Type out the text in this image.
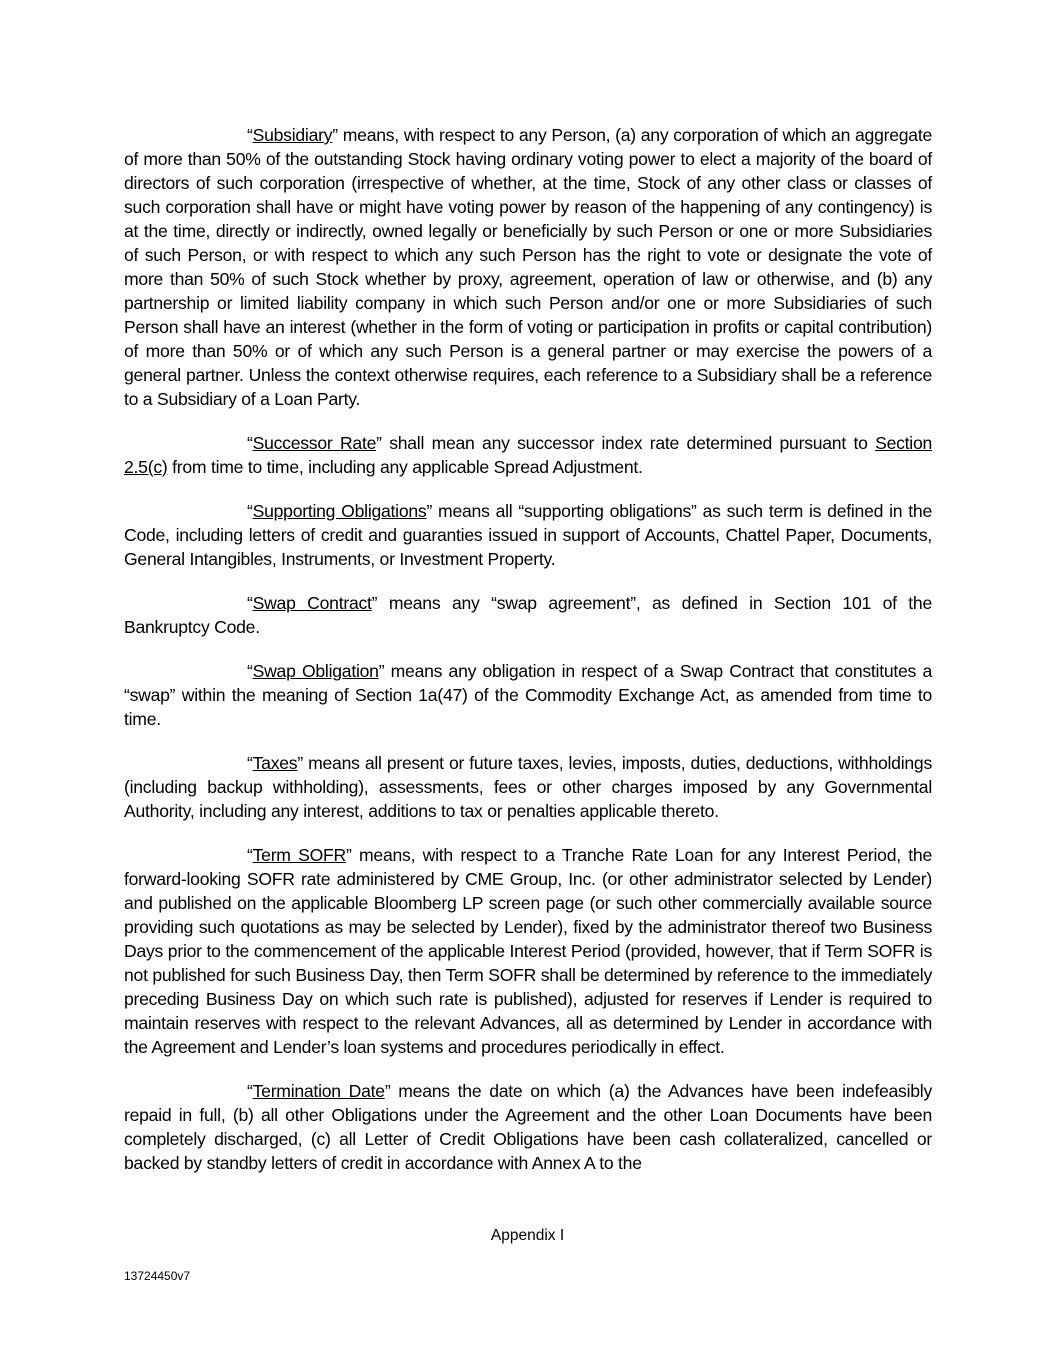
“Subsidiary” means, with respect to any Person, (a) any corporation of which an aggregate of more than 50% of the outstanding Stock having ordinary voting power to elect a majority of the board of directors of such corporation (irrespective of whether, at the time, Stock of any other class or classes of such corporation shall have or might have voting power by reason of the happening of any contingency) is at the time, directly or indirectly, owned legally or beneficially by such Person or one or more Subsidiaries of such Person, or with respect to which any such Person has the right to vote or designate the vote of more than 50% of such Stock whether by proxy, agreement, operation of law or otherwise, and (b) any partnership or limited liability company in which such Person and/or one or more Subsidiaries of such Person shall have an interest (whether in the form of voting or participation in profits or capital contribution) of more than 50% or of which any such Person is a general partner or may exercise the powers of a general partner. Unless the context otherwise requires, each reference to a Subsidiary shall be a reference to a Subsidiary of a Loan Party.

“Successor Rate” shall mean any successor index rate determined pursuant to Section 2.5(c) from time to time, including any applicable Spread Adjustment.

“Supporting Obligations” means all “supporting obligations” as such term is defined in the Code, including letters of credit and guaranties issued in support of Accounts, Chattel Paper, Documents, General Intangibles, Instruments, or Investment Property.

“Swap Contract” means any “swap agreement”, as defined in Section 101 of the Bankruptcy Code.

“Swap Obligation” means any obligation in respect of a Swap Contract that constitutes a “swap” within the meaning of Section 1a(47) of the Commodity Exchange Act, as amended from time to time.

“Taxes” means all present or future taxes, levies, imposts, duties, deductions, withholdings (including backup withholding), assessments, fees or other charges imposed by any Governmental Authority, including any interest, additions to tax or penalties applicable thereto.

“Term SOFR” means, with respect to a Tranche Rate Loan for any Interest Period, the forward-looking SOFR rate administered by CME Group, Inc. (or other administrator selected by Lender) and published on the applicable Bloomberg LP screen page (or such other commercially available source providing such quotations as may be selected by Lender), fixed by the administrator thereof two Business Days prior to the commencement of the applicable Interest Period (provided, however, that if Term SOFR is not published for such Business Day, then Term SOFR shall be determined by reference to the immediately preceding Business Day on which such rate is published), adjusted for reserves if Lender is required to maintain reserves with respect to the relevant Advances, all as determined by Lender in accordance with the Agreement and Lender’s loan systems and procedures periodically in effect.

“Termination Date” means the date on which (a) the Advances have been indefeasibly repaid in full, (b) all other Obligations under the Agreement and the other Loan Documents have been completely discharged, (c) all Letter of Credit Obligations have been cash collateralized, cancelled or backed by standby letters of credit in accordance with Annex A to the

Appendix I
13724450v7
